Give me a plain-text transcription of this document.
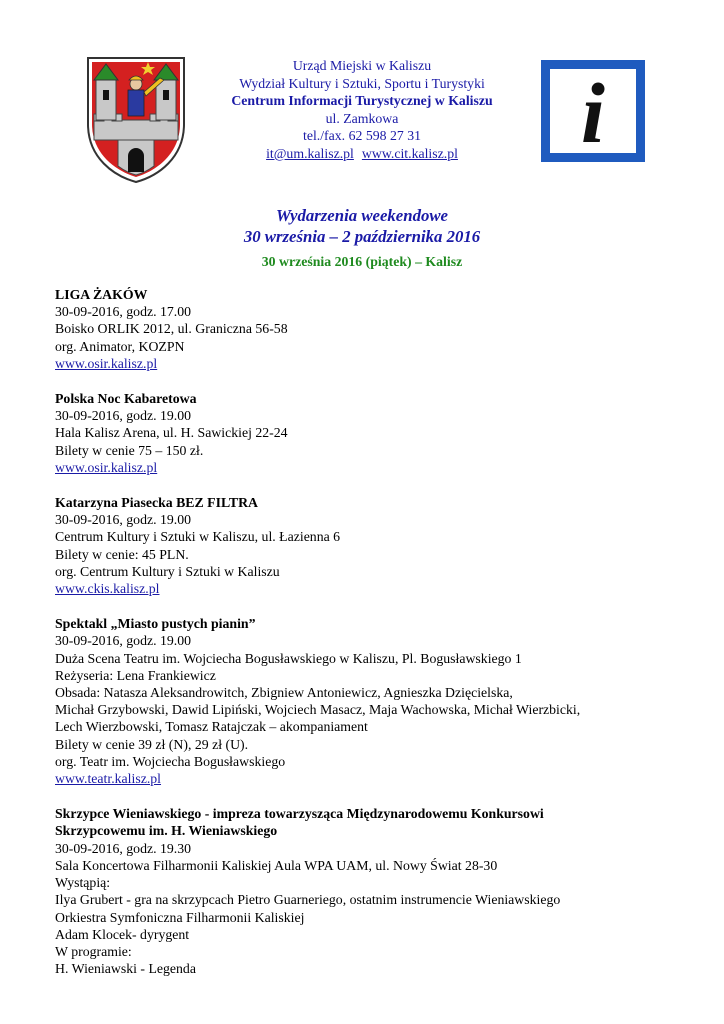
Urząd Miejski w Kaliszu
Wydział Kultury i Sztuki, Sportu i Turystyki
Centrum Informacji Turystycznej w Kaliszu
ul. Zamkowa
tel./fax. 62 598 27 31
it@um.kalisz.pl www.cit.kalisz.pl	i
Wydarzenia weekendowe
30 września – 2 października 2016
30 września 2016 (piątek) – Kalisz
LIGA ŻAKÓW
30-09-2016, godz. 17.00
Boisko ORLIK 2012, ul. Graniczna 56-58
org. Animator, KOZPN
www.osir.kalisz.pl
Polska Noc Kabaretowa
30-09-2016, godz. 19.00
Hala Kalisz Arena, ul. H. Sawickiej 22-24
Bilety w cenie 75 – 150 zł.
www.osir.kalisz.pl
Katarzyna Piasecka BEZ FILTRA
30-09-2016, godz. 19.00
Centrum Kultury i Sztuki w Kaliszu, ul. Łazienna 6
Bilety w cenie: 45 PLN.
org. Centrum Kultury i Sztuki w Kaliszu
www.ckis.kalisz.pl
Spektakl „Miasto pustych pianin”
30-09-2016, godz. 19.00
Duża Scena Teatru im. Wojciecha Bogusławskiego w Kaliszu, Pl. Bogusławskiego 1
Reżyseria: Lena Frankiewicz
Obsada: Natasza Aleksandrowitch, Zbigniew Antoniewicz, Agnieszka Dzięcielska,
Michał Grzybowski, Dawid Lipiński, Wojciech Masacz, Maja Wachowska, Michał Wierzbicki,
Lech Wierzbowski, Tomasz Ratajczak – akompaniament
Bilety w cenie 39 zł (N), 29 zł (U).
org. Teatr im. Wojciecha Bogusławskiego
www.teatr.kalisz.pl
Skrzypce Wieniawskiego - impreza towarzysząca Międzynarodowemu Konkursowi
Skrzypcowemu im. H. Wieniawskiego
30-09-2016, godz. 19.30
Sala Koncertowa Filharmonii Kaliskiej Aula WPA UAM, ul. Nowy Świat 28-30
Wystąpią:
Ilya Grubert - gra na skrzypcach Pietro Guarneriego, ostatnim instrumencie Wieniawskiego
Orkiestra Symfoniczna Filharmonii Kaliskiej
Adam Klocek- dyrygent
W programie:
H. Wieniawski - Legenda
